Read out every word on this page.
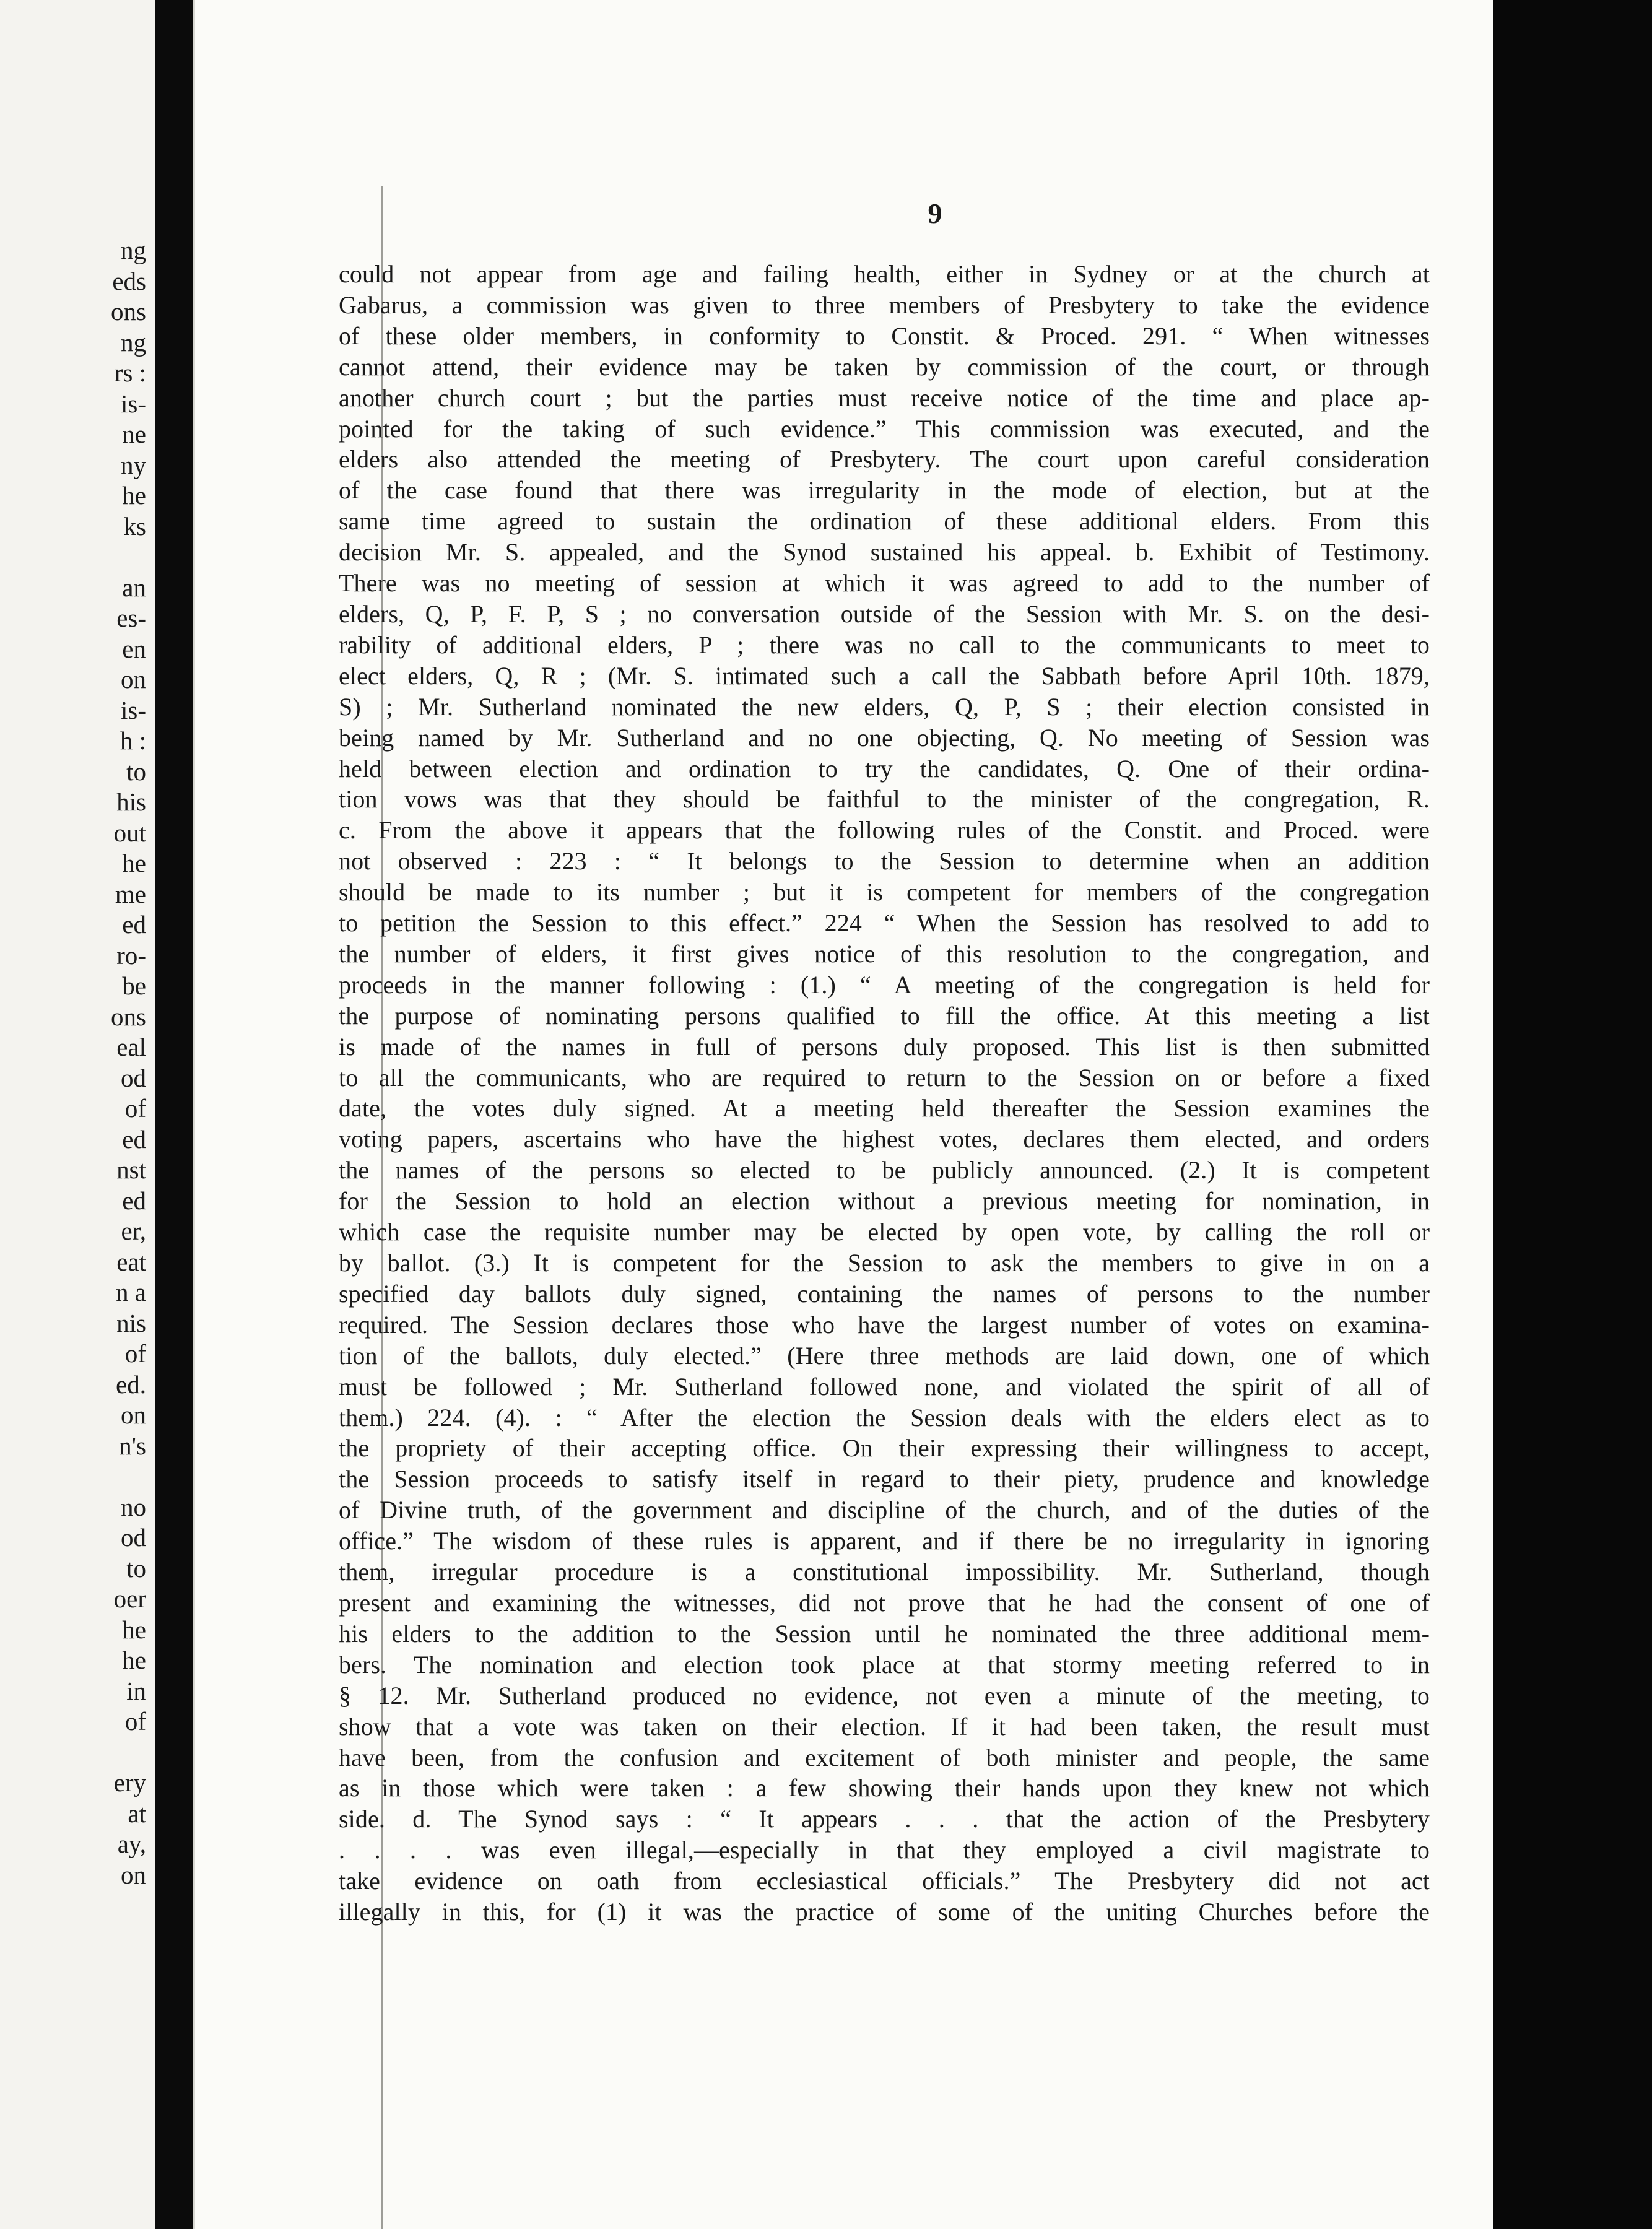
ng
eds
ons
ng
rs :
is-
ne
ny
he
ks

an
es-
en
on
is-
h :
to
his
out
he
me
ed
ro-
be
ons
eal
od
of
ed
nst
ed
er,
eat
n a
nis
of
ed.
on
n's

no
od
to
oer
he
he
in
of

ery
at
ay,
on

9

could not appear from age and failing health, either in Sydney or at the church at
Gabarus, a commission was given to three members of Presbytery to take the evidence
of these older members, in conformity to Constit. & Proced. 291. “ When witnesses
cannot attend, their evidence may be taken by commission of the court, or through
another church court ; but the parties must receive notice of the time and place ap-
pointed for the taking of such evidence.” This commission was executed, and the
elders also attended the meeting of Presbytery. The court upon careful consideration
of the case found that there was irregularity in the mode of election, but at the
same time agreed to sustain the ordination of these additional elders. From this
decision Mr. S. appealed, and the Synod sustained his appeal. b. Exhibit of Testimony.
There was no meeting of session at which it was agreed to add to the number of
elders, Q, P, F. P, S ; no conversation outside of the Session with Mr. S. on the desi-
rability of additional elders, P ; there was no call to the communicants to meet to
elect elders, Q, R ; (Mr. S. intimated such a call the Sabbath before April 10th. 1879,
S) ; Mr. Sutherland nominated the new elders, Q, P, S ; their election consisted in
being named by Mr. Sutherland and no one objecting, Q. No meeting of Session was
held between election and ordination to try the candidates, Q. One of their ordina-
tion vows was that they should be faithful to the minister of the congregation, R.
c. From the above it appears that the following rules of the Constit. and Proced. were
not observed : 223 : “ It belongs to the Session to determine when an addition
should be made to its number ; but it is competent for members of the congregation
to petition the Session to this effect.” 224 “ When the Session has resolved to add to
the number of elders, it first gives notice of this resolution to the congregation, and
proceeds in the manner following : (1.) “ A meeting of the congregation is held for
the purpose of nominating persons qualified to fill the office. At this meeting a list
is made of the names in full of persons duly proposed. This list is then submitted
to all the communicants, who are required to return to the Session on or before a fixed
date, the votes duly signed. At a meeting held thereafter the Session examines the
voting papers, ascertains who have the highest votes, declares them elected, and orders
the names of the persons so elected to be publicly announced. (2.) It is competent
for the Session to hold an election without a previous meeting for nomination, in
which case the requisite number may be elected by open vote, by calling the roll or
by ballot. (3.) It is competent for the Session to ask the members to give in on a
specified day ballots duly signed, containing the names of persons to the number
required. The Session declares those who have the largest number of votes on examina-
tion of the ballots, duly elected.” (Here three methods are laid down, one of which
must be followed ; Mr. Sutherland followed none, and violated the spirit of all of
them.) 224. (4). : “ After the election the Session deals with the elders elect as to
the propriety of their accepting office. On their expressing their willingness to accept,
the Session proceeds to satisfy itself in regard to their piety, prudence and knowledge
of Divine truth, of the government and discipline of the church, and of the duties of the
office.” The wisdom of these rules is apparent, and if there be no irregularity in ignoring
them, irregular procedure is a constitutional impossibility. Mr. Sutherland, though
present and examining the witnesses, did not prove that he had the consent of one of
his elders to the addition to the Session until he nominated the three additional mem-
bers. The nomination and election took place at that stormy meeting referred to in
§ 12. Mr. Sutherland produced no evidence, not even a minute of the meeting, to
show that a vote was taken on their election. If it had been taken, the result must
have been, from the confusion and excitement of both minister and people, the same
as in those which were taken : a few showing their hands upon they knew not which
side. d. The Synod says : “ It appears . . . that the action of the Presbytery
. . . . was even illegal,—especially in that they employed a civil magistrate to
take evidence on oath from ecclesiastical officials.” The Presbytery did not act
illegally in this, for (1) it was the practice of some of the uniting Churches before the
